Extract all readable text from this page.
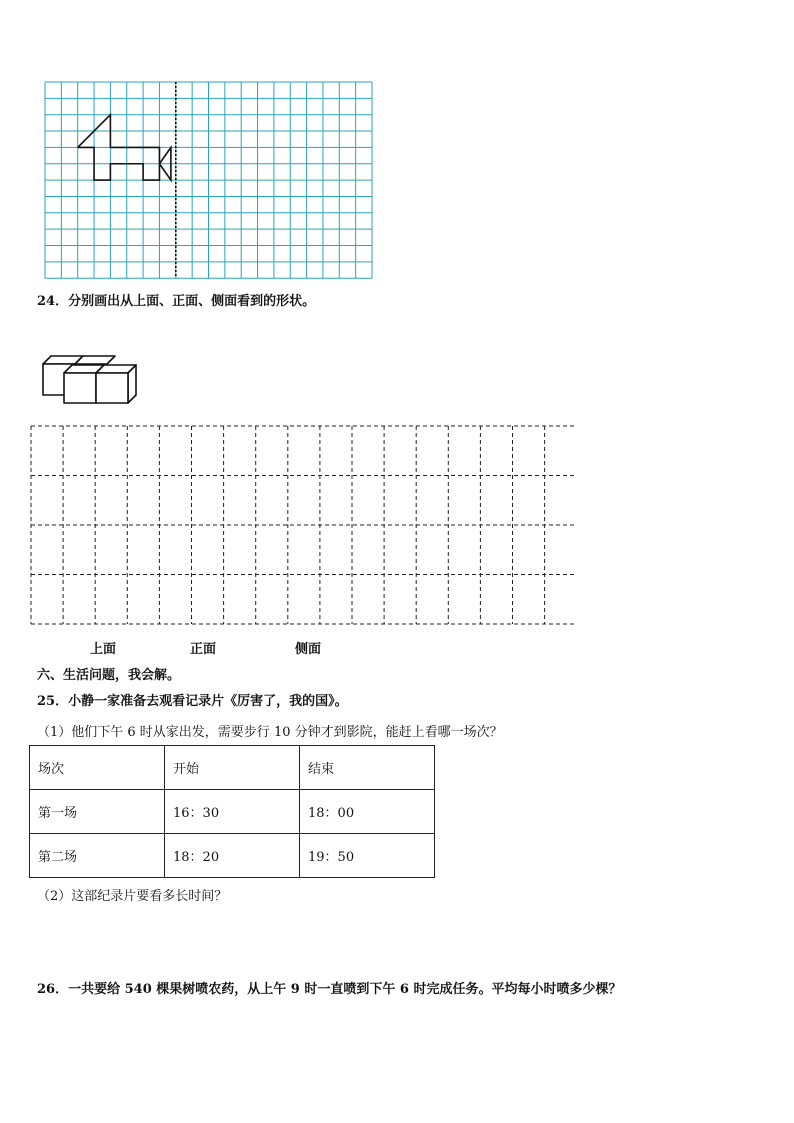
24．分别画出从上面、正面、侧面看到的形状。
上面	正面	侧面
六、生活问题，我会解。
25．小静一家准备去观看记录片《厉害了，我的国》。
（1）他们下午 6 时从家出发，需要步行 10 分钟才到影院，能赶上看哪一场次？
场次	开始	结束
第一场	16：30	18：00
第二场	18：20	19：50
（2）这部纪录片要看多长时间？
26．一共要给 540 棵果树喷农药，从上午 9 时一直喷到下午 6 时完成任务。平均每小时喷多少棵？
